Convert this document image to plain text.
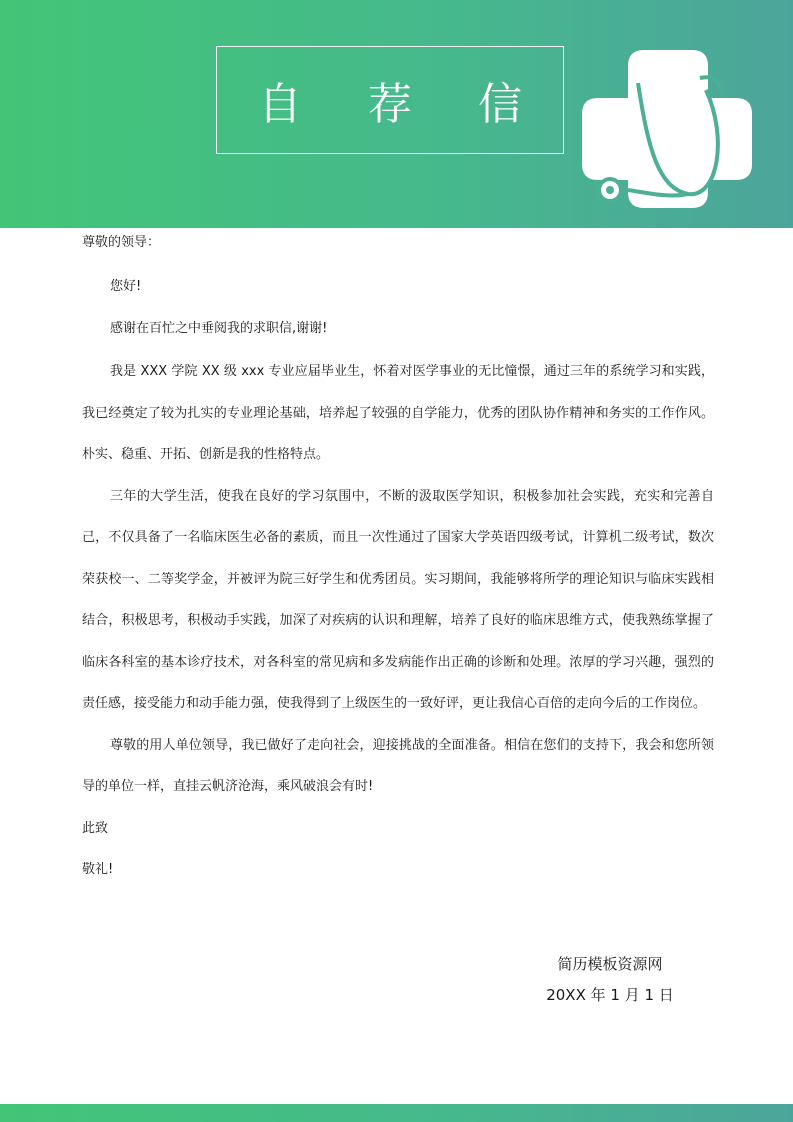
自 荐 信
尊敬的领导：
您好!
感谢在百忙之中垂阅我的求职信,谢谢!

我是 XXX 学院 XX 级 xxx 专业应届毕业生，怀着对医学事业的无比憧憬，通过三年的系统学习和实践，我已经奠定了较为扎实的专业理论基础，培养起了较强的自学能力，优秀的团队协作精神和务实的工作作风。朴实、稳重、开拓、创新是我的性格特点。

三年的大学生活，使我在良好的学习氛围中，不断的汲取医学知识，积极参加社会实践，充实和完善自己，不仅具备了一名临床医生必备的素质，而且一次性通过了国家大学英语四级考试，计算机二级考试，数次荣获校一、二等奖学金，并被评为院三好学生和优秀团员。实习期间，我能够将所学的理论知识与临床实践相结合，积极思考，积极动手实践，加深了对疾病的认识和理解，培养了良好的临床思维方式，使我熟练掌握了临床各科室的基本诊疗技术，对各科室的常见病和多发病能作出正确的诊断和处理。浓厚的学习兴趣，强烈的责任感，接受能力和动手能力强，使我得到了上级医生的一致好评，更让我信心百倍的走向今后的工作岗位。

尊敬的用人单位领导，我已做好了走向社会，迎接挑战的全面准备。相信在您们的支持下，我会和您所领导的单位一样，直挂云帆济沧海，乘风破浪会有时!

此致
敬礼!
简历模板资源网
20XX 年 1 月 1 日
